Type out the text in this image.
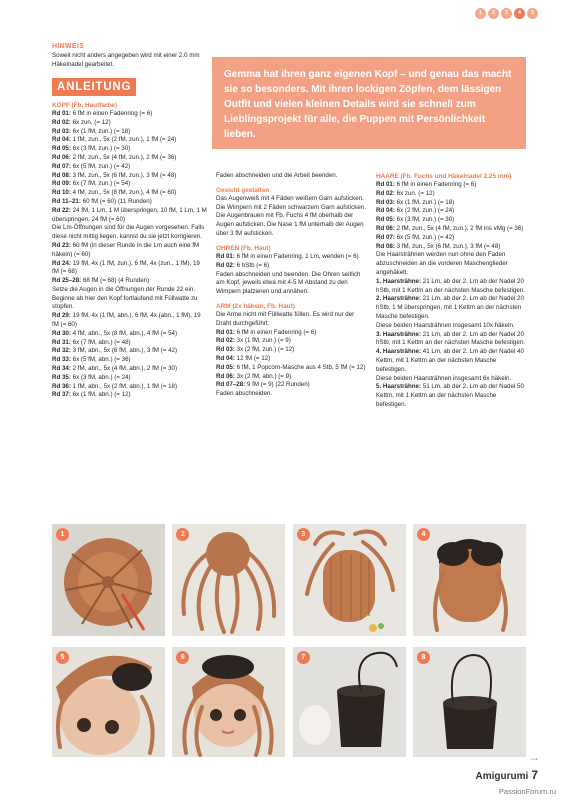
1	2	3	4	5
HINWEIS

Soweit nicht anders angegeben wird mit einer 2.0 mm Häkelnadel gearbeitet.

ANLEITUNG
KOPF (Fb. Hautfarbe)

Rd 01: 6 fM in einen Fadenring (= 6)

Rd 02: 6x zun. (= 12)

Rd 03: 6x (1 fM, zun.) (= 18)

Rd 04: 1 fM, zun., 5x (2 fM, zun.), 1 fM (= 24)

Rd 05: 6x (3 fM, zun.) (= 30)

Rd 06: 2 fM, zun., 5x (4 fM, zun.), 2 fM (= 36)

Rd 07: 6x (5 fM, zun.) (= 42)

Rd 08: 3 fM, zun., 5x (6 fM, zun.), 3 fM (= 48)

Rd 09: 6x (7 fM, zun.) (= 54)

Rd 10: 4 fM, zun., 5x (8 fM, zun.), 4 fM (= 60)

Rd 11–21: 60 fM (= 60) (11 Runden)

Rd 22: 24 fM, 1 Lm, 1 M überspringen, 10 fM, 1 Lm, 1 M überspringen, 24 fM (= 60)

Die Lm-Öffnungen sind für die Augen vorgesehen. Falls diese nicht mittig liegen, kannst du sie jetzt korrigieren.

Rd 23: 60 fM (in dieser Runde in die Lm auch eine fM häkeln) (= 60)

Rd 24: 19 fM, 4x (1 fM, zun.), 6 fM, 4x (zun., 1 fM), 19 fM (= 68)

Rd 25–28: 68 fM (= 68) (4 Runden)

Setze die Augen in die Öffnungen der Runde 22 ein. Beginne ab hier den Kopf fortlaufend mit Füllwatte zu stopfen.

Rd 29: 19 fM, 4x (1 fM, abn.), 6 fM, 4x (abn., 1 fM), 19 fM (= 60)

Rd 30: 4 fM, abn., 5x (8 fM, abn.), 4 fM (= 54)

Rd 31: 6x (7 fM, abn.) (= 48)

Rd 32: 3 fM, abn., 5x (6 fM, abn.), 3 fM (= 42)

Rd 33: 6x (5 fM, abn.) (= 36)

Rd 34: 2 fM, abn., 5x (4 fM, abn.), 2 fM (= 30)

Rd 35: 6x (3 fM, abn.) (= 24)

Rd 36: 1 fM, abn., 5x (2 fM, abn.), 1 fM (= 18)

Rd 37: 6x (1 fM, abn.) (= 12)

Gemma hat ihren ganz eigenen Kopf – und genau das macht sie so besonders. Mit ihren lockigen Zöpfen, dem lässigen Outfit und vielen kleinen Details wird sie schnell zum Lieblingsprojekt für alle, die Puppen mit Persönlichkeit lieben.

Faden abschneiden und die Arbeit beenden.

Gesicht gestalten

Das Augenweiß mit 4 Fäden weißem Garn aufsticken. Die Wimpern mit 2 Fäden schwarzem Garn aufsticken. Die Augenbrauen mit Fb. Fuchs 4 fM oberhalb der Augen aufsticken. Die Nase 1 fM unterhalb der Augen über 3 fM aufsticken.

OHREN (Fb. Haut)

Rd 01: 6 fM in einen Fadenring, 1 Lm, wenden (= 6)

Rd 02: 6 hStb (= 6)

Faden abschneiden und beenden. Die Ohren seitlich am Kopf, jeweils etwa mit 4-5 M Abstand zu den Wimpern platzieren und annähen.

ARM (2x häkeln, Fb. Haut)

Die Arme nicht mit Füllwatte füllen. Es wird nur der Draht durchgeführt.

Rd 01: 6 fM in einen Fadenring (= 6)

Rd 02: 3x (1 fM, zun.) (= 9)

Rd 03: 3x (2 fM, zun.) (= 12)

Rd 04: 12 fM (= 12)

Rd 05: 6 fM, 1 Popcorn-Masche aus 4 Stb, 5 fM (= 12)

Rd 06: 3x (2 fM, abn.) (= 9)

Rd 07–28: 9 fM (= 9) (22 Runden)

Faden abschneiden.

HAARE (Fb. Fuchs und Häkelnadel 2.25 mm)

Rd 01: 6 fM in einen Fadenring (= 6)

Rd 02: 6x zun. (= 12)

Rd 03: 6x (1 fM, zun.) (= 18)

Rd 04: 6x (2 fM, zun.) (= 24)

Rd 05: 6x (3 fM, zun.) (= 30)

Rd 06: 2 fM, zun., 5x (4 fM, zun.), 2 fM ins vMg (= 36)

Rd 07: 6x (5 fM, zun.) (= 42)

Rd 08: 3 fM, zun., 5x (6 fM, zun.), 3 fM (= 48)

Die Haarsträhnen werden nun ohne den Faden abzuschneiden an die vorderen Maschenglieder angehäkelt.

1. Haarsträhne: 21 Lm, ab der 2. Lm ab der Nadel 20 hStb, mit 1 Kettm an der nächsten Masche befestigen.

2. Haarsträhne: 21 Lm, ab der 2. Lm ab der Nadel 20 hStb, 1 M überspringen, mit 1 Kettm an der nächsten Masche befestigen.

Diese beiden Haarsträhnen insgesamt 10x häkeln.

3. Haarsträhne: 21 Lm, ab der 2. Lm ab der Nadel 20 hStb, mit 1 Kettm an der nächsten Masche befestigen.

4. Haarsträhne: 41 Lm, ab der 2. Lm ab der Nadel 40 Kettm, mit 1 Kettm an der nächsten Masche befestigen.

Diese beiden Haarsträhnen insgesamt 6x häkeln.

5. Haarsträhne: 51 Lm, ab der 2. Lm ab der Nadel 50 Kettm, mit 1 Kettm an der nächsten Masche befestigen.

1	2	3	4
5	6	7	8
→
Amigurumi 7
PassionForum.ru
